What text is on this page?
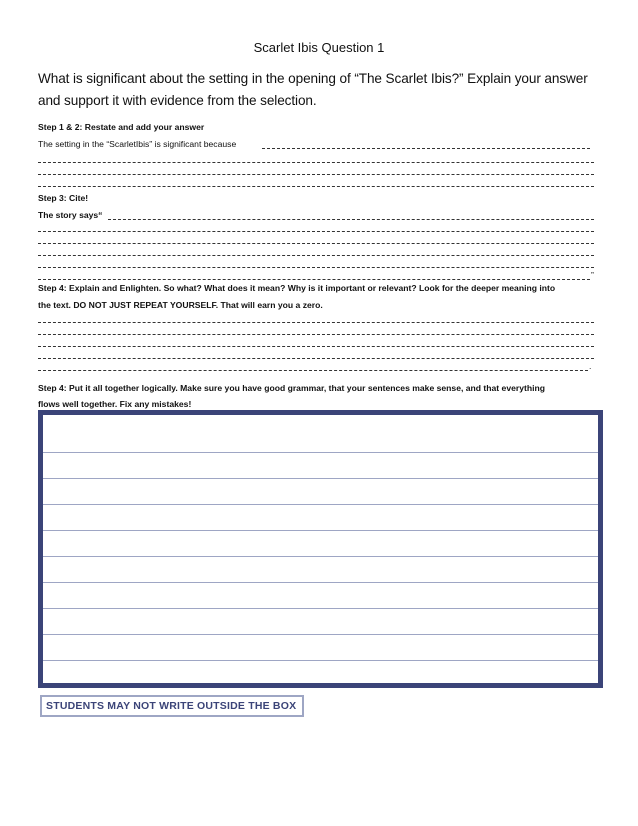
Scarlet Ibis Question 1
What is significant about the setting in the opening of “The Scarlet Ibis?” Explain your answer and support it with evidence from the selection.
Step 1 & 2: Restate and add your answer
The setting in the “ScarletIbis” is significant because
Step 3: Cite!
The story says“
”
Step 4: Explain and Enlighten. So what? What does it mean? Why is it important or relevant? Look for the deeper meaning into
the text. DO NOT JUST REPEAT YOURSELF. That will earn you a zero.
.
Step 4: Put it all together logically. Make sure you have good grammar, that your sentences make sense, and that everything
flows well together. Fix any mistakes!
STUDENTS MAY NOT WRITE OUTSIDE THE BOX
